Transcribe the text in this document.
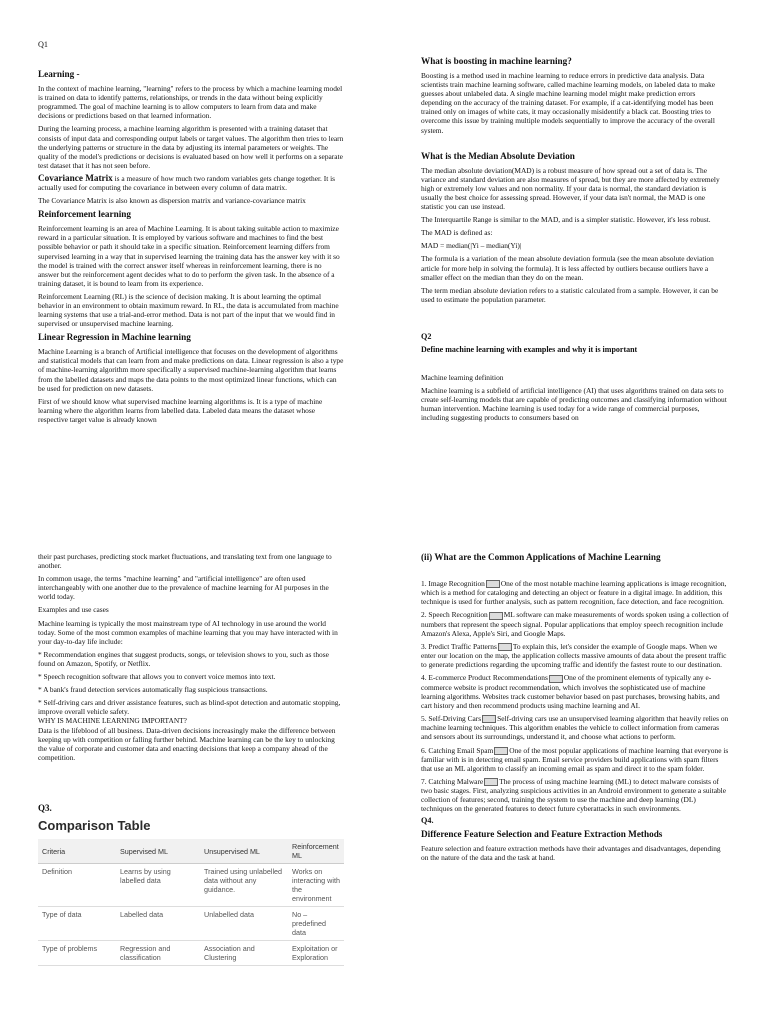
Q1
Learning -

In the context of machine learning, "learning" refers to the process by which a machine learning model is trained on data to identify patterns, relationships, or trends in the data without being explicitly programmed. The goal of machine learning is to allow computers to learn from data and make decisions or predictions based on that learned information.

During the learning process, a machine learning algorithm is presented with a training dataset that consists of input data and corresponding output labels or target values. The algorithm then tries to learn the underlying patterns or structure in the data by adjusting its internal parameters or weights. The quality of the model's predictions or decisions is evaluated based on how well it performs on a separate test dataset that it has not seen before.

Covariance Matrix is a measure of how much two random variables gets change together. It is actually used for computing the covariance in between every column of data matrix.

The Covariance Matrix is also known as dispersion matrix and variance-covariance matrix

Reinforcement learning

Reinforcement learning is an area of Machine Learning. It is about taking suitable action to maximize reward in a particular situation. It is employed by various software and machines to find the best possible behavior or path it should take in a specific situation. Reinforcement learning differs from supervised learning in a way that in supervised learning the training data has the answer key with it so the model is trained with the correct answer itself whereas in reinforcement learning, there is no answer but the reinforcement agent decides what to do to perform the given task. In the absence of a training dataset, it is bound to learn from its experience.

Reinforcement Learning (RL) is the science of decision making. It is about learning the optimal behavior in an environment to obtain maximum reward. In RL, the data is accumulated from machine learning systems that use a trial-and-error method. Data is not part of the input that we would find in supervised or unsupervised machine learning.

Linear Regression in Machine learning

Machine Learning is a branch of Artificial intelligence that focuses on the development of algorithms and statistical models that can learn from and make predictions on data. Linear regression is also a type of machine-learning algorithm more specifically a supervised machine-learning algorithm that learns from the labelled datasets and maps the data points to the most optimized linear functions, which can be used for prediction on new datasets.

First of we should know what supervised machine learning algorithms is. It is a type of machine learning where the algorithm learns from labelled data. Labeled data means the dataset whose respective target value is already known

What is boosting in machine learning?

Boosting is a method used in machine learning to reduce errors in predictive data analysis. Data scientists train machine learning software, called machine learning models, on labeled data to make guesses about unlabeled data. A single machine learning model might make prediction errors depending on the accuracy of the training dataset. For example, if a cat-identifying model has been trained only on images of white cats, it may occasionally misidentify a black cat. Boosting tries to overcome this issue by training multiple models sequentially to improve the accuracy of the overall system.

What is the Median Absolute Deviation

The median absolute deviation(MAD) is a robust measure of how spread out a set of data is. The variance and standard deviation are also measures of spread, but they are more affected by extremely high or extremely low values and non normality. If your data is normal, the standard deviation is usually the best choice for assessing spread. However, if your data isn't normal, the MAD is one statistic you can use instead.

The Interquartile Range is similar to the MAD, and is a simpler statistic. However, it's less robust.

The MAD is defined as:

MAD = median(|Yi – median(Yi)|

The formula is a variation of the mean absolute deviation formula (see the mean absolute deviation article for more help in solving the formula). It is less affected by outliers because outliers have a smaller effect on the median than they do on the mean.

The term median absolute deviation refers to a statistic calculated from a sample. However, it can be used to estimate the population parameter.

Q2
Define machine learning with examples and why it is important

Machine learning definition

Machine learning is a subfield of artificial intelligence (AI) that uses algorithms trained on data sets to create self-learning models that are capable of predicting outcomes and classifying information without human intervention. Machine learning is used today for a wide range of commercial purposes, including suggesting products to consumers based on

their past purchases, predicting stock market fluctuations, and translating text from one language to another.

In common usage, the terms "machine learning" and "artificial intelligence" are often used interchangeably with one another due to the prevalence of machine learning for AI purposes in the world today.

Examples and use cases

Machine learning is typically the most mainstream type of AI technology in use around the world today. Some of the most common examples of machine learning that you may have interacted with in your day-to-day life include:

* Recommendation engines that suggest products, songs, or television shows to you, such as those found on Amazon, Spotify, or Netflix.

* Speech recognition software that allows you to convert voice memos into text.

* A bank's fraud detection services automatically flag suspicious transactions.

* Self-driving cars and driver assistance features, such as blind-spot detection and automatic stopping, improve overall vehicle safety.

WHY IS MACHINE LEARNING IMPORTANT?

Data is the lifeblood of all business. Data-driven decisions increasingly make the difference between keeping up with competition or falling further behind. Machine learning can be the key to unlocking the value of corporate and customer data and enacting decisions that keep a company ahead of the competition.

Q3.
Comparison Table
Criteria	Supervised ML	Unsupervised ML	Reinforcement ML
Definition	Learns by using labelled data	Trained using unlabelled data without any guidance.	Works on interacting with the environment
Type of data	Labelled data	Unlabelled data	No – predefined data
Type of problems	Regression and classification	Association and Clustering	Exploitation or Exploration
(ii) What are the Common Applications of Machine Learning

1. Image Recognition One of the most notable machine learning applications is image recognition, which is a method for cataloging and detecting an object or feature in a digital image. In addition, this technique is used for further analysis, such as pattern recognition, face detection, and face recognition.

2. Speech Recognition ML software can make measurements of words spoken using a collection of numbers that represent the speech signal. Popular applications that employ speech recognition include Amazon's Alexa, Apple's Siri, and Google Maps.

3. Predict Traffic Patterns To explain this, let's consider the example of Google maps. When we enter our location on the map, the application collects massive amounts of data about the present traffic to generate predictions regarding the upcoming traffic and identify the fastest route to our destination.

4. E-commerce Product Recommendations One of the prominent elements of typically any e-commerce website is product recommendation, which involves the sophisticated use of machine learning algorithms. Websites track customer behavior based on past purchases, browsing habits, and cart history and then recommend products using machine learning and AI.

5. Self-Driving Cars Self-driving cars use an unsupervised learning algorithm that heavily relies on machine learning techniques. This algorithm enables the vehicle to collect information from cameras and sensors about its surroundings, understand it, and choose what actions to perform.

6. Catching Email Spam One of the most popular applications of machine learning that everyone is familiar with is in detecting email spam. Email service providers build applications with spam filters that use an ML algorithm to classify an incoming email as spam and direct it to the spam folder.

7. Catching Malware The process of using machine learning (ML) to detect malware consists of two basic stages. First, analyzing suspicious activities in an Android environment to generate a suitable collection of features; second, training the system to use the machine and deep learning (DL) techniques on the generated features to detect future cyberattacks in such environments.

Q4.
Difference Feature Selection and Feature Extraction Methods

Feature selection and feature extraction methods have their advantages and disadvantages, depending on the nature of the data and the task at hand.
